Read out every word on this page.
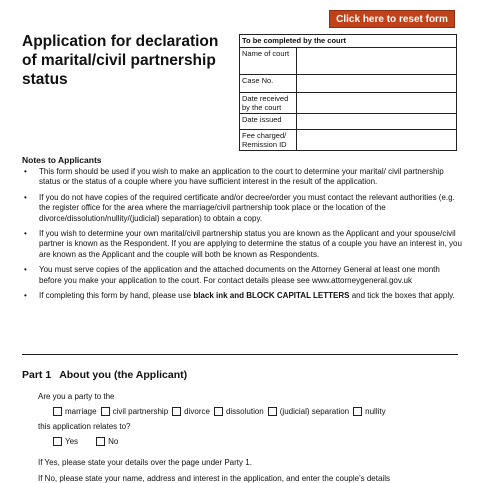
Click here to reset form
Application for declaration of marital/civil partnership status
To be completed by the court	
Name of court	
Case No.	
Date received by the court	
Date issued	
Fee charged/ Remission ID	
Notes to Applicants
• This form should be used if you wish to make an application to the court to determine your marital/ civil partnership status or the status of a couple where you have sufficient interest in the result of the application.
• If you do not have copies of the required certificate and/or decree/order you must contact the relevant authorities (e.g. the register office for the area where the marriage/civil partnership took place or the location of the divorce/dissolution/nullity/(judicial) separation) to obtain a copy.
• If you wish to determine your own marital/civil partnership status you are known as the Applicant and your spouse/civil partner is known as the Respondent. If you are applying to determine the status of a couple you have an interest in, you are known as the Applicant and the couple will both be known as Respondents.
• You must serve copies of the application and the attached documents on the Attorney General at least one month before you make your application to the court. For contact details please see www.attorneygeneral.gov.uk
• If completing this form by hand, please use black ink and BLOCK CAPITAL LETTERS and tick the boxes that apply.
Part 1 About you (the Applicant)
Are you a party to the
marriage civil partnership divorce dissolution (judicial) separation nullity
this application relates to?
Yes	No
If Yes, please state your details over the page under Party 1.
If No, please state your name, address and interest in the application, and enter the couple's details
